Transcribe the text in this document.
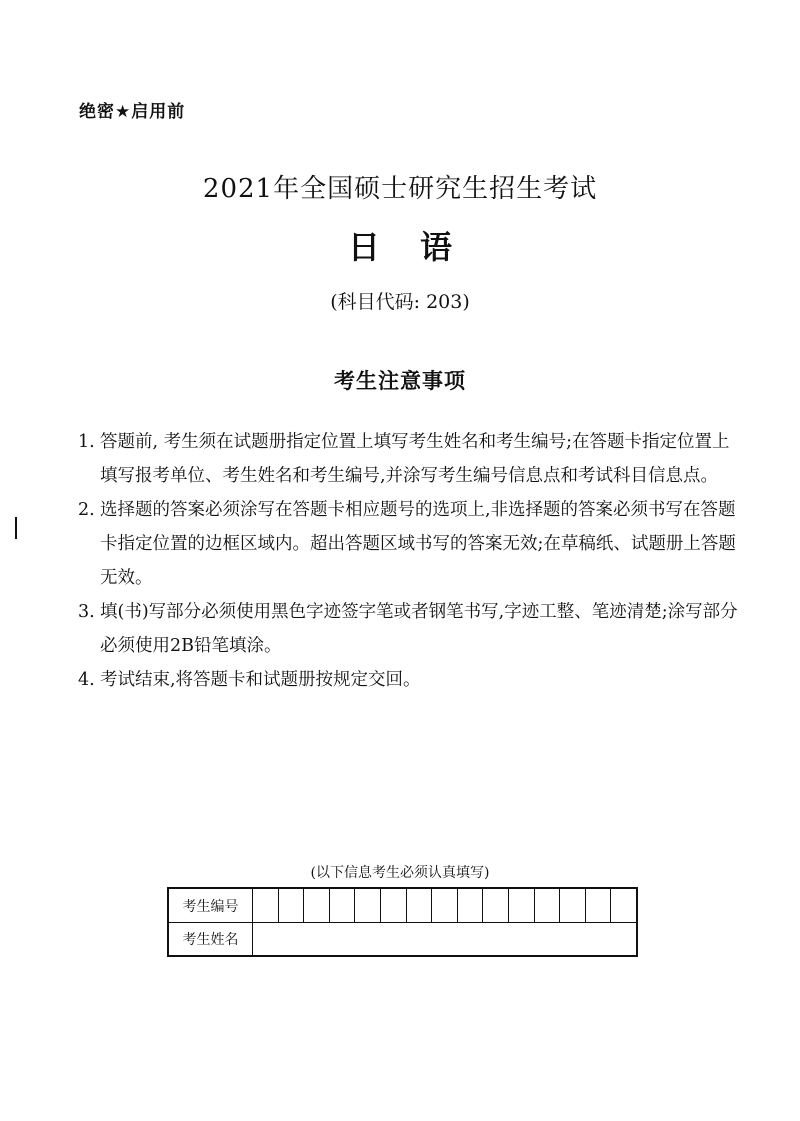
绝密★启用前
2021年全国硕士研究生招生考试
日语
(科目代码: 203)
考生注意事项
1. 答题前, 考生须在试题册指定位置上填写考生姓名和考生编号;在答题卡指定位置上填写报考单位、考生姓名和考生编号,并涂写考生编号信息点和考试科目信息点。
2. 选择题的答案必须涂写在答题卡相应题号的选项上,非选择题的答案必须书写在答题卡指定位置的边框区域内。超出答题区域书写的答案无效;在草稿纸、试题册上答题无效。
3. 填(书)写部分必须使用黑色字迹签字笔或者钢笔书写,字迹工整、笔迹清楚;涂写部分必须使用2B铅笔填涂。
4. 考试结束,将答题卡和试题册按规定交回。
(以下信息考生必须认真填写)
考生编号
考生姓名
